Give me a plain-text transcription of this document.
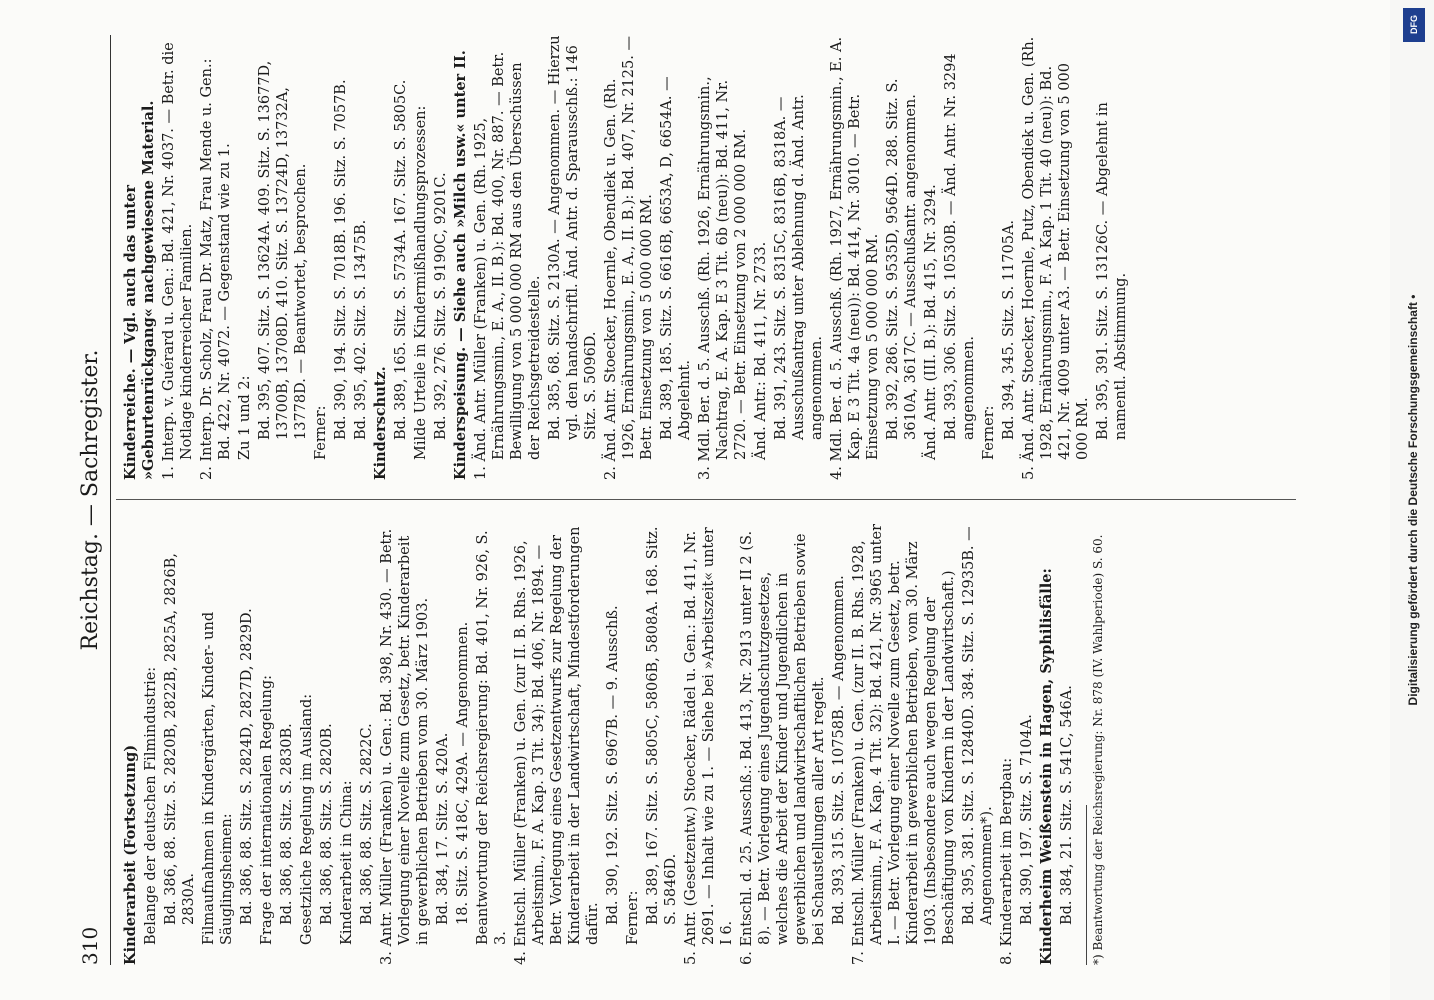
310
Reichstag. — Sachregister.
Kinderarbeit (Fortsetzung) Belange der deutschen Filmindustrie: Bd. 386, 88. Sitz. S. 2820B, 2822B, 2825A, 2826B, 2830A. Filmaufnahmen in Kindergärten, Kinder- und Säuglingsheimen: Bd. 386, 88. Sitz. S. 2824D, 2827D, 2829D. Frage der internationalen Regelung: Bd. 386, 88. Sitz. S. 2830B. Gesetzliche Regelung im Ausland: Bd. 386, 88. Sitz. S. 2820B. Kinderarbeit in China: Bd. 386, 88. Sitz. S. 2822C. 3. Antr. Müller (Franken) u. Gen.: Bd. 398, Nr. 430. — Betr. Vorlegung einer Novelle zum Gesetz, betr. Kinderarbeit in gewerblichen Betrieben vom 30. März 1903. Bd. 384, 17. Sitz. S. 420A. 18. Sitz. S. 418C, 429A. — Angenommen. Beantwortung der Reichsregierung: Bd. 401, Nr. 926, S. 3. 4. Entschl. Müller (Franken) u. Gen. (zur II. B. Rhs. 1926, Arbeitsmin., F. A. Kap. 3 Tit. 34): Bd. 406, Nr. 1894. — Betr. Vorlegung eines Gesetzentwurfs zur Regelung der Kinderarbeit in der Landwirtschaft, Mindestforderungen dafür. Bd. 390, 192. Sitz. S. 6967B. — 9. Ausschß. Ferner: Bd. 389, 167. Sitz. S. 5805C, 5806B, 5808A. 168. Sitz. S. 5846D. 5. Antr. (Gesetzentw.) Stoecker, Rädel u. Gen.: Bd. 411, Nr. 2691. — Inhalt wie zu 1. — Siehe bei »Arbeitszeit« unter I 6. 6. Entschl. d. 25. Ausschß.: Bd. 413, Nr. 2913 unter II 2 (S. 8). — Betr. Vorlegung eines Jugendschutzgesetzes, welches die Arbeit der Kinder und Jugendlichen in gewerblichen und landwirtschaftlichen Betrieben sowie bei Schaustellungen aller Art regelt. Bd. 393, 315. Sitz. S. 10758B. — Angenommen. 7. Entschl. Müller (Franken) u. Gen. (zur II. B. Rhs. 1928, Arbeitsmin., F. A. Kap. 4 Tit. 32): Bd. 421, Nr. 3965 unter I. — Betr. Vorlegung einer Novelle zum Gesetz, betr. Kinderarbeit in gewerblichen Betrieben, vom 30. März 1903. (Insbesondere auch wegen Regelung der Beschäftigung von Kindern in der Landwirtschaft.) Bd. 395, 381. Sitz. S. 12840D. 384. Sitz. S. 12935B. — Angenommen*). 8. Kinderarbeit im Bergbau: Bd. 390, 197. Sitz. S. 7104A. Kinderheim Weißenstein in Hagen, Syphilisfälle: Bd. 384, 21. Sitz. S. 541C, 546A. *) Beantwortung der Reichsregierung: Nr. 878 (IV. Wahlperiode) S. 60.
Kinderreiche. — Vgl. auch das unter »Geburtenrückgang« nachgewiesene Material. 1. Interp. v. Guérard u. Gen.: Bd. 421, Nr. 4037. — Betr. die Notlage kinderreicher Familien. 2. Interp. Dr. Scholz, Frau Dr. Matz, Frau Mende u. Gen.: Bd. 422, Nr. 4072. — Gegenstand wie zu 1. Zu 1 und 2: Bd. 395, 407. Sitz. S. 13624A. 409. Sitz. S. 13677D, 13700B, 13708D. 410. Sitz. S. 13724D, 13732A, 13778D. — Beantwortet, besprochen. Ferner: Bd. 390, 194. Sitz. S. 7018B. 196. Sitz. S. 7057B. Bd. 395, 402. Sitz. S. 13475B. Kinderschutz. Bd. 389, 165. Sitz. S. 5734A. 167. Sitz. S. 5805C. Milde Urteile in Kindermißhandlungsprozessen: Bd. 392, 276. Sitz. S. 9190C, 9201C. Kinderspeisung. — Siehe auch »Milch usw.« unter II. 1. Änd. Antr. Müller (Franken) u. Gen. (Rh. 1925, Ernährungsmin., E. A., II. B.): Bd. 400, Nr. 887. — Betr. Bewilligung von 5 000 000 RM aus den Überschüssen der Reichsgetreidestelle. Bd. 385, 68. Sitz. S. 2130A. — Angenommen. — Hierzu vgl. den handschriftl. Änd. Antr. d. Sparausschß.: 146 Sitz. S. 5096D. 2. Änd. Antr. Stoecker, Hoernle, Obendiek u. Gen. (Rh. 1926, Ernährungsmin., E. A., II. B.): Bd. 407, Nr. 2125. — Betr. Einsetzung von 5 000 000 RM. Bd. 389, 185. Sitz. S. 6616B, 6653A, D, 6654A. — Abgelehnt. 3. Mdl. Ber. d. 5. Ausschß. (Rh. 1926, Ernährungsmin., Nachtrag, E. A. Kap. E 3 Tit. 6b (neu)): Bd. 411, Nr. 2720. — Betr. Einsetzung von 2 000 000 RM. Änd. Antr.: Bd. 411, Nr. 2733. Bd. 391, 243. Sitz. S. 8315C, 8316B, 8318A. — Ausschußantrag unter Ablehnung d. Änd. Antr. angenommen. 4. Mdl. Ber. d. 5. Ausschß. (Rh. 1927, Ernährungsmin., E. A. Kap. E 3 Tit. 4a (neu)): Bd. 414, Nr. 3010. — Betr. Einsetzung von 5 000 000 RM. Bd. 392, 286. Sitz. S. 9535D, 9564D. 288. Sitz. S. 3610A, 3617C. — Ausschußantr. angenommen. Änd. Antr. (III. B.): Bd. 415, Nr. 3294. Bd. 393, 306. Sitz. S. 10530B. — Änd. Antr. Nr. 3294 angenommen. Ferner: Bd. 394, 345. Sitz. S. 11705A. 5. Änd. Antr. Stoecker, Hoernle, Putz, Obendiek u. Gen. (Rh. 1928, Ernährungsmin., F. A. Kap. 1 Tit. 40 (neu)): Bd. 421, Nr. 4009 unter A3. — Betr. Einsetzung von 5 000 000 RM. Bd. 395, 391. Sitz. S. 13126C. — Abgelehnt in namentl. Abstimmung.
DFG
Digitalisierung gefördert durch die Deutsche Forschungsgemeinschaft •
